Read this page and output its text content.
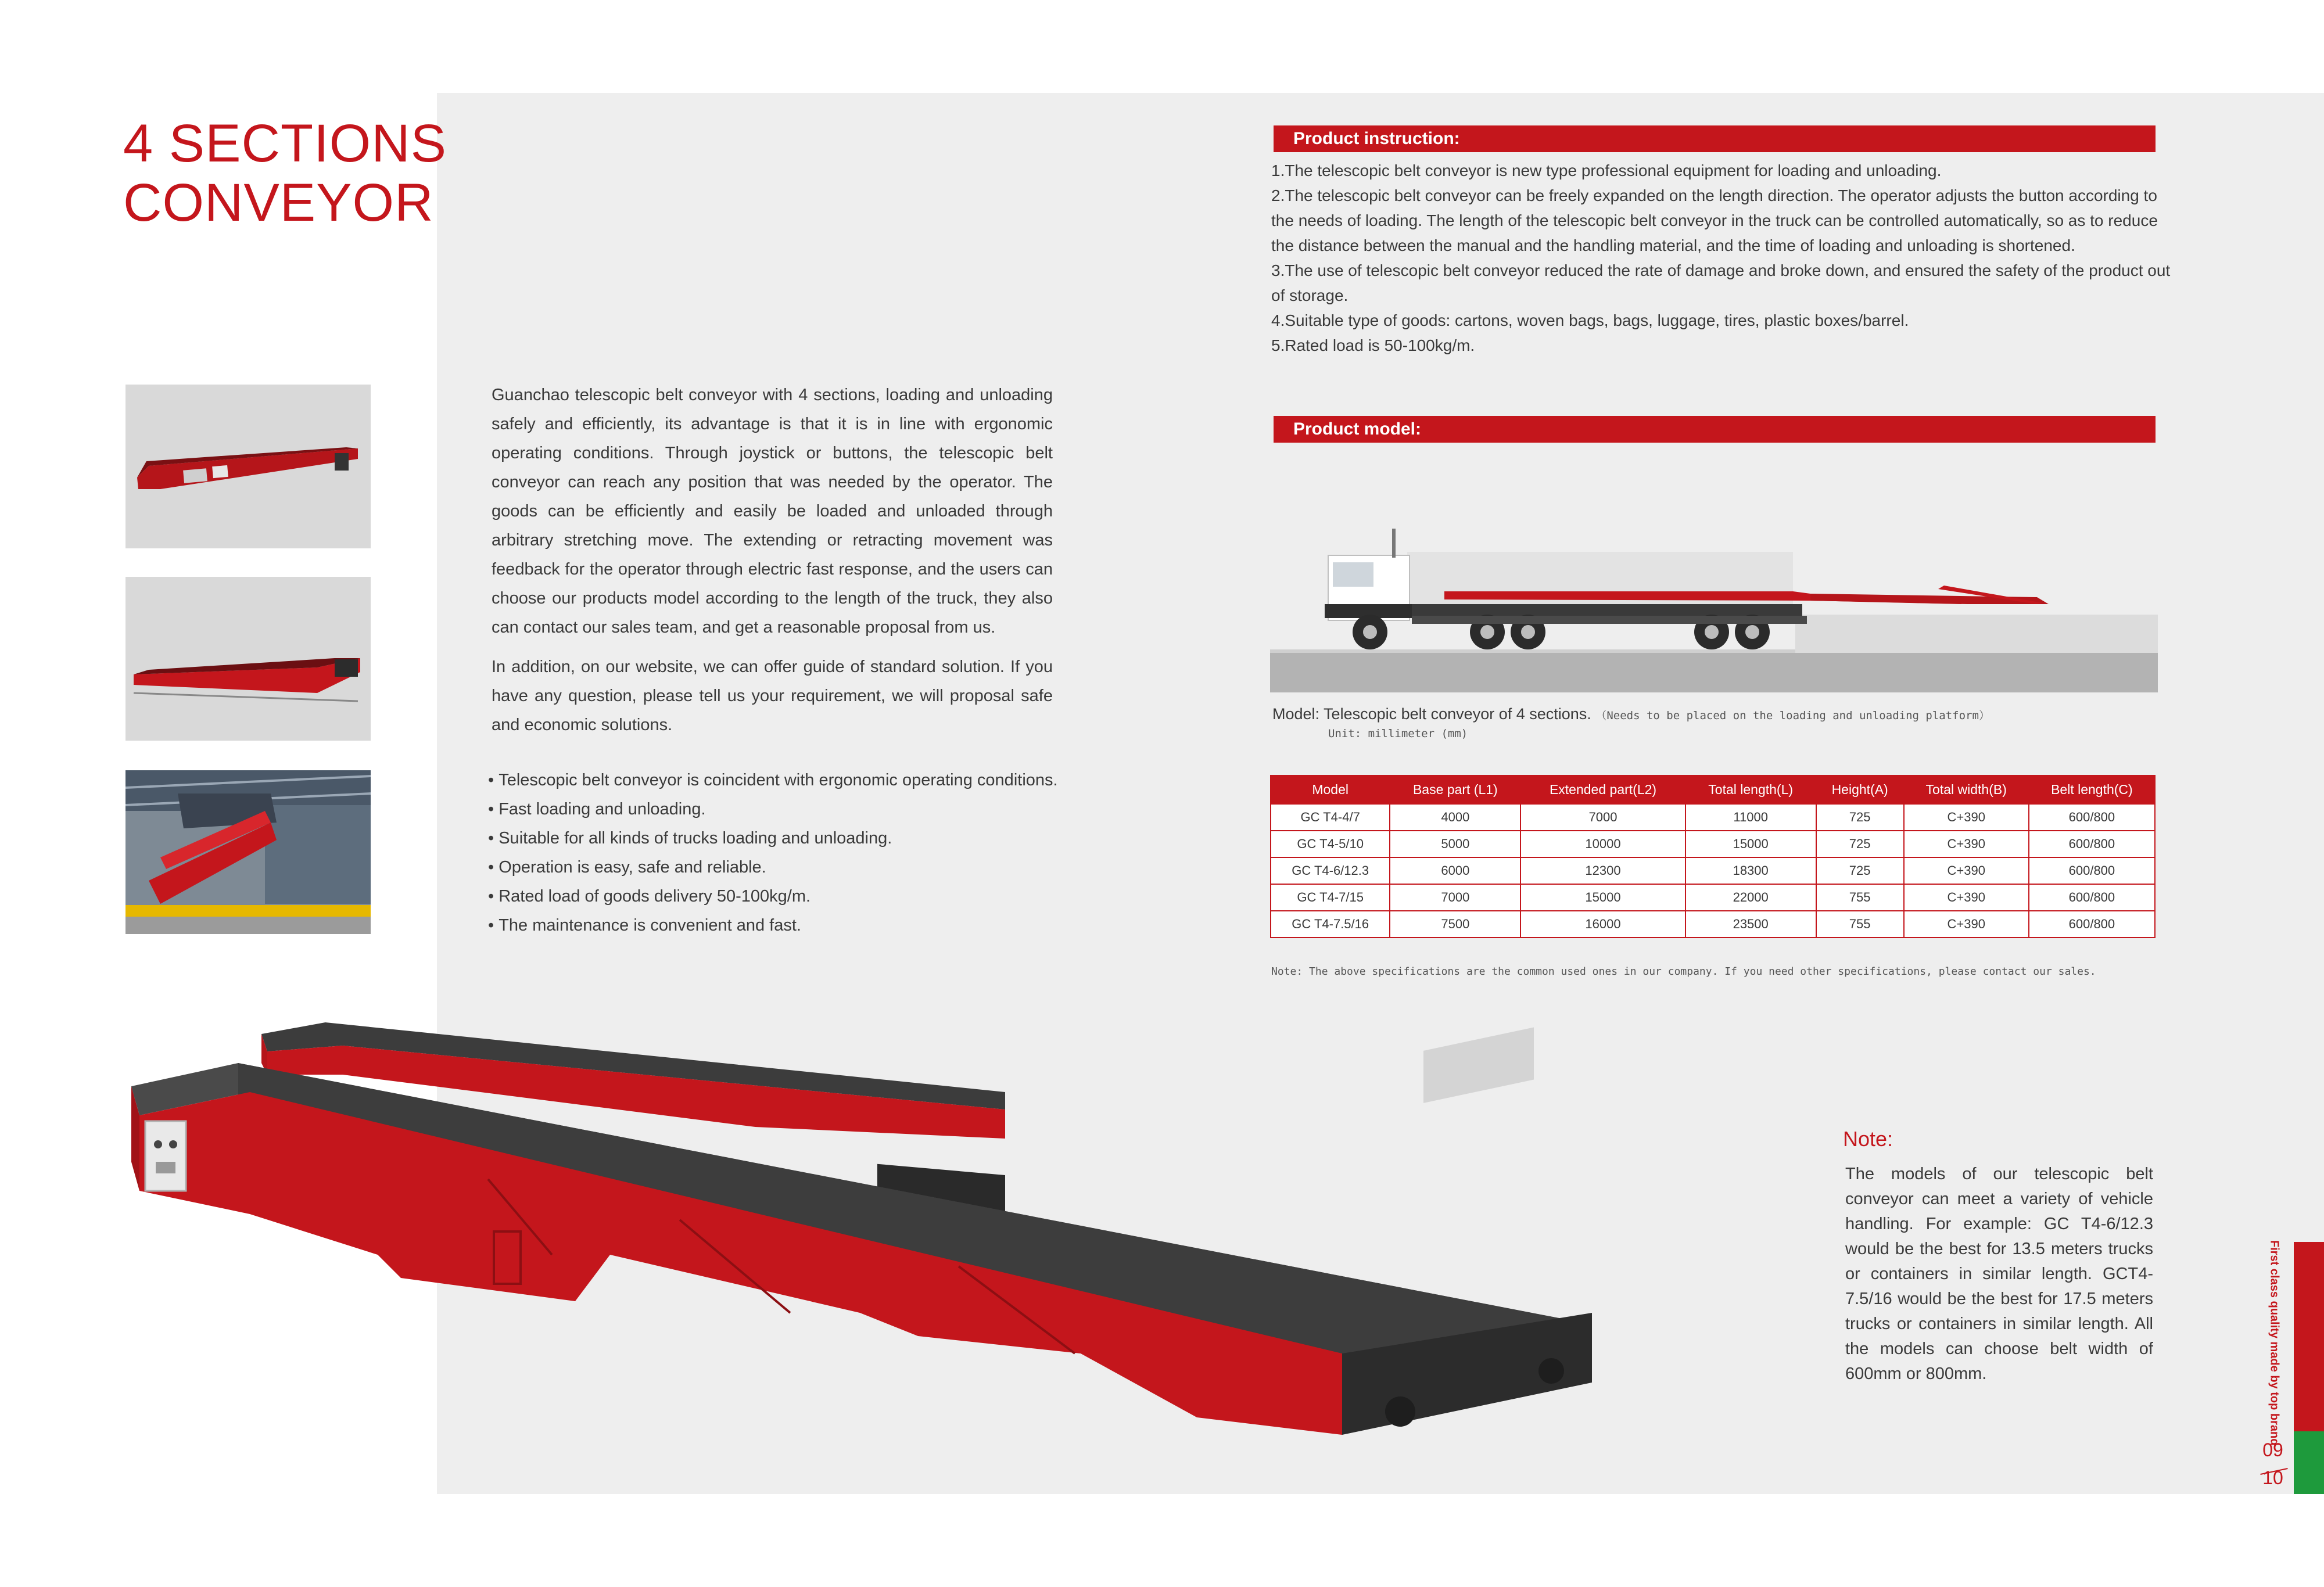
4 SECTIONS
CONVEYOR

Guanchao telescopic belt conveyor with 4 sections, loading and unloading safely and efficiently, its advantage is that it is in line with ergonomic operating conditions. Through joystick or buttons, the telescopic belt conveyor can reach any position that was needed by the operator. The goods can be efficiently and easily be loaded and unloaded through arbitrary stretching move. The extending or retracting movement was feedback for the operator through electric fast response, and the users can choose our products model according to the length of the truck, they also can contact our sales team, and get a reasonable proposal from us.

In addition, on our website, we can offer guide of standard solution. If you have any question, please tell us your requirement, we will proposal safe and economic solutions.

• Telescopic belt conveyor is coincident with ergonomic operating conditions.
• Fast loading and unloading.
• Suitable for all kinds of trucks loading and unloading.
• Operation is easy, safe and reliable.
• Rated load of goods delivery 50-100kg/m.
• The maintenance is convenient and fast.
Product instruction:
1.The telescopic belt conveyor is new type professional equipment for loading and unloading.
2.The telescopic belt conveyor can be freely expanded on the length direction. The operator adjusts the button according to the needs of loading. The length of the telescopic belt conveyor in the truck can be controlled automatically, so as to reduce the distance between the manual and the handling material, and the time of loading and unloading is shortened.
3.The use of telescopic belt conveyor reduced the rate of damage and broke down, and ensured the safety of the product out of storage.
4.Suitable type of goods: cartons, woven bags, bags, luggage, tires, plastic boxes/barrel.
5.Rated load is 50-100kg/m.
Product model:
Model: Telescopic belt conveyor of 4 sections. （Needs to be placed on the loading and unloading platform）
Unit: millimeter (mm)
Model	Base part (L1)	Extended part(L2)	Total length(L)	Height(A)	Total width(B)	Belt length(C)
GC T4-4/7	4000	7000	11000	725	C+390	600/800
GC T4-5/10	5000	10000	15000	725	C+390	600/800
GC T4-6/12.3	6000	12300	18300	725	C+390	600/800
GC T4-7/15	7000	15000	22000	755	C+390	600/800
GC T4-7.5/16	7500	16000	23500	755	C+390	600/800
Note: The above specifications are the common used ones in our company. If you need other specifications, please contact our sales.
Note:
The models of our telescopic belt conveyor can meet a variety of vehicle handling. For example: GC T4-6/12.3 would be the best for 13.5 meters trucks or containers in similar length. GCT4-7.5/16 would be the best for 17.5 meters trucks or containers in similar length. All the models can choose belt width of 600mm or 800mm.	First class quality made by top brand
09
10
